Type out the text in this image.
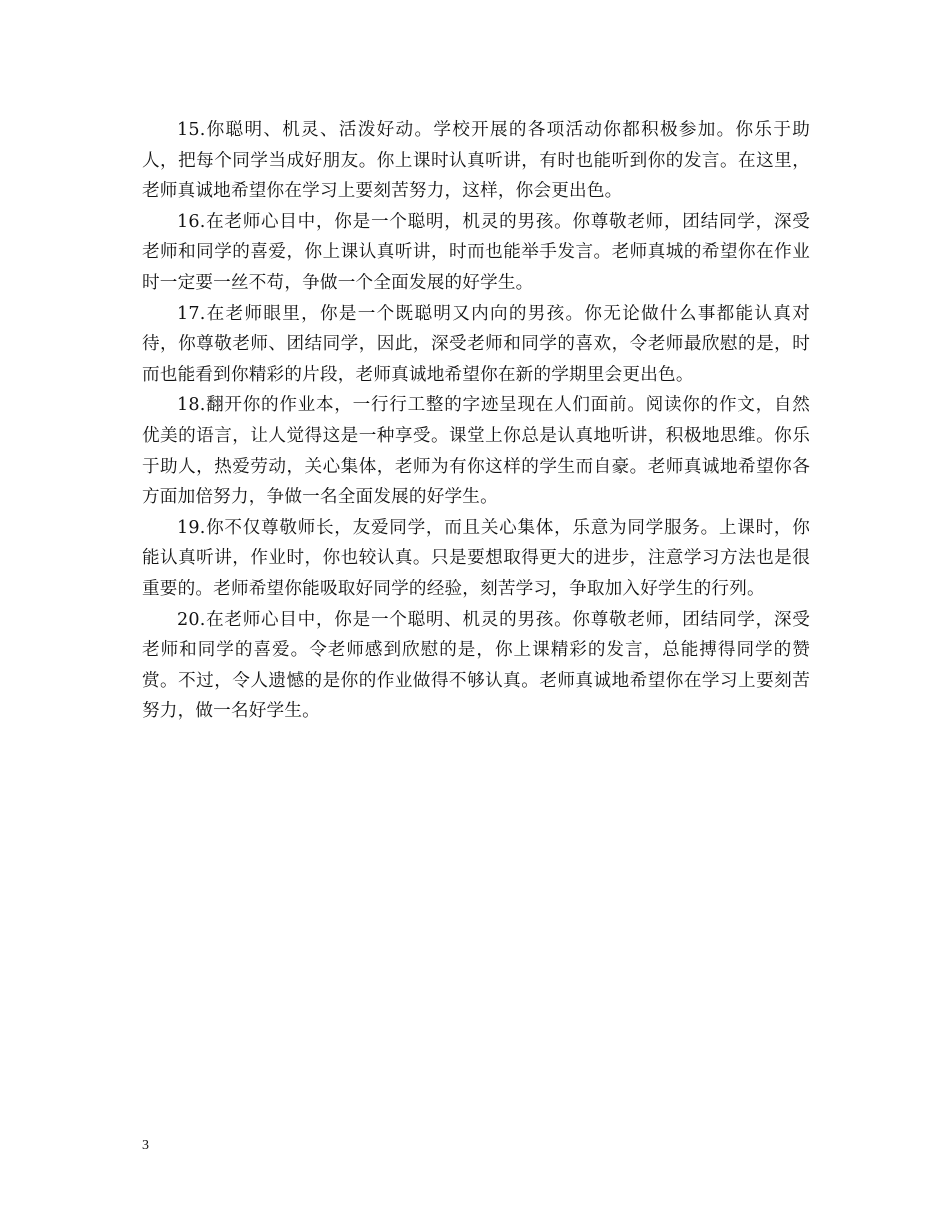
15.你聪明、机灵、活泼好动。学校开展的各项活动你都积极参加。你乐于助人，把每个同学当成好朋友。你上课时认真听讲，有时也能听到你的发言。在这里，老师真诚地希望你在学习上要刻苦努力，这样，你会更出色。

16.在老师心目中，你是一个聪明，机灵的男孩。你尊敬老师，团结同学，深受老师和同学的喜爱，你上课认真听讲，时而也能举手发言。老师真城的希望你在作业时一定要一丝不苟，争做一个全面发展的好学生。

17.在老师眼里，你是一个既聪明又内向的男孩。你无论做什么事都能认真对待，你尊敬老师、团结同学，因此，深受老师和同学的喜欢，令老师最欣慰的是，时而也能看到你精彩的片段，老师真诚地希望你在新的学期里会更出色。

18.翻开你的作业本，一行行工整的字迹呈现在人们面前。阅读你的作文，自然优美的语言，让人觉得这是一种享受。课堂上你总是认真地听讲，积极地思维。你乐于助人，热爱劳动，关心集体，老师为有你这样的学生而自豪。老师真诚地希望你各方面加倍努力，争做一名全面发展的好学生。

19.你不仅尊敬师长，友爱同学，而且关心集体，乐意为同学服务。上课时，你能认真听讲，作业时，你也较认真。只是要想取得更大的进步，注意学习方法也是很重要的。老师希望你能吸取好同学的经验，刻苦学习，争取加入好学生的行列。

20.在老师心目中，你是一个聪明、机灵的男孩。你尊敬老师，团结同学，深受老师和同学的喜爱。令老师感到欣慰的是，你上课精彩的发言，总能搏得同学的赞赏。不过，令人遗憾的是你的作业做得不够认真。老师真诚地希望你在学习上要刻苦努力，做一名好学生。

3
